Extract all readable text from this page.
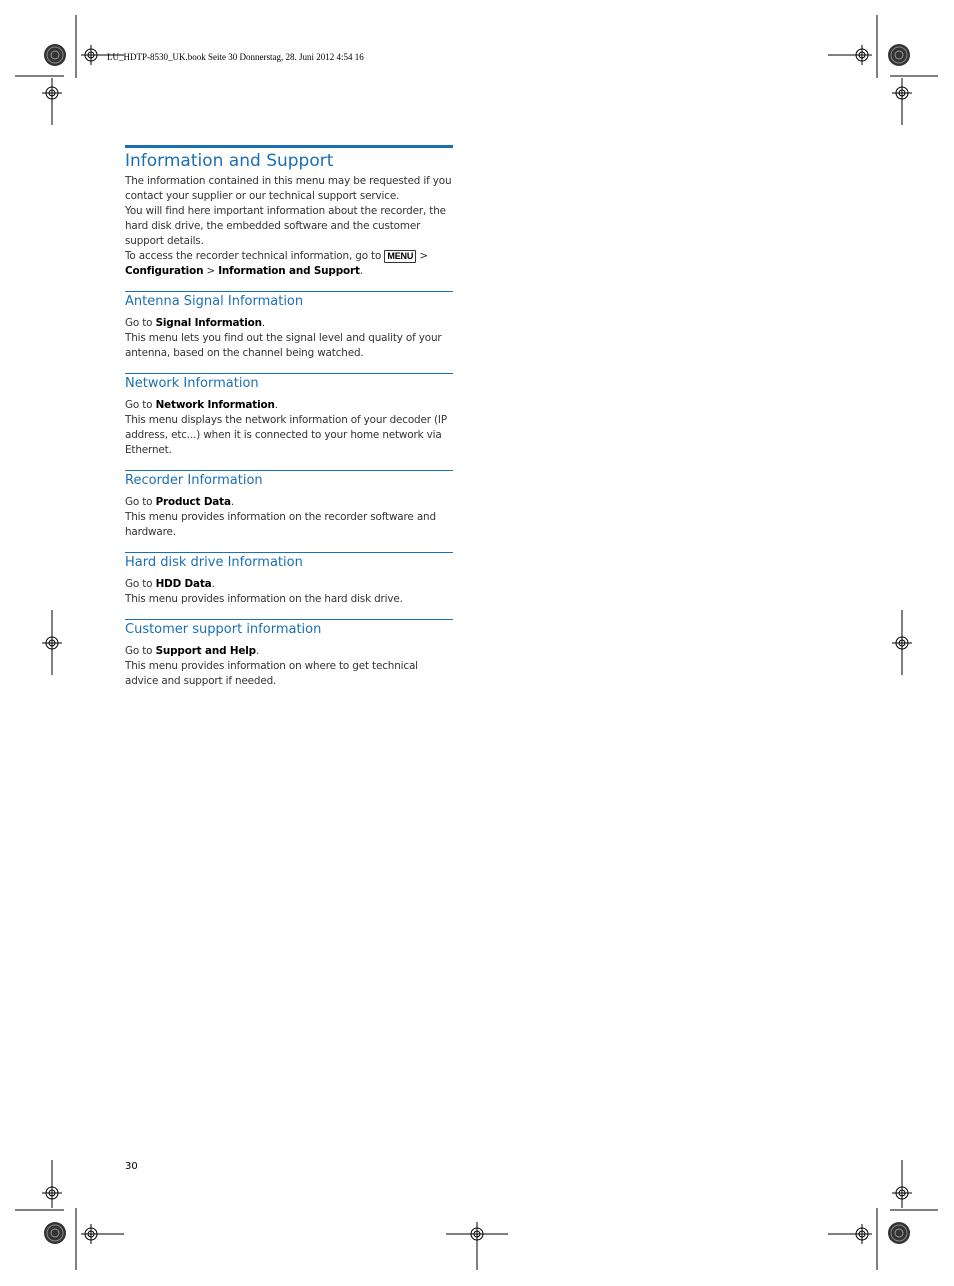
LU_HDTP-8530_UK.book Seite 30 Donnerstag, 28. Juni 2012 4:54 16
Information and Support

The information contained in this menu may be requested if you contact your supplier or our technical support service.

You will find here important information about the recorder, the hard disk drive, the embedded software and the customer support details.

To access the recorder technical information, go to MENU > Configuration > Information and Support.

Antenna Signal Information

Go to Signal Information.

This menu lets you find out the signal level and quality of your antenna, based on the channel being watched.

Network Information

Go to Network Information.

This menu displays the network information of your decoder (IP address, etc...) when it is connected to your home network via Ethernet.

Recorder Information

Go to Product Data.

This menu provides information on the recorder software and hardware.

Hard disk drive Information

Go to HDD Data.

This menu provides information on the hard disk drive.

Customer support information

Go to Support and Help.

This menu provides information on where to get technical advice and support if needed.

30
